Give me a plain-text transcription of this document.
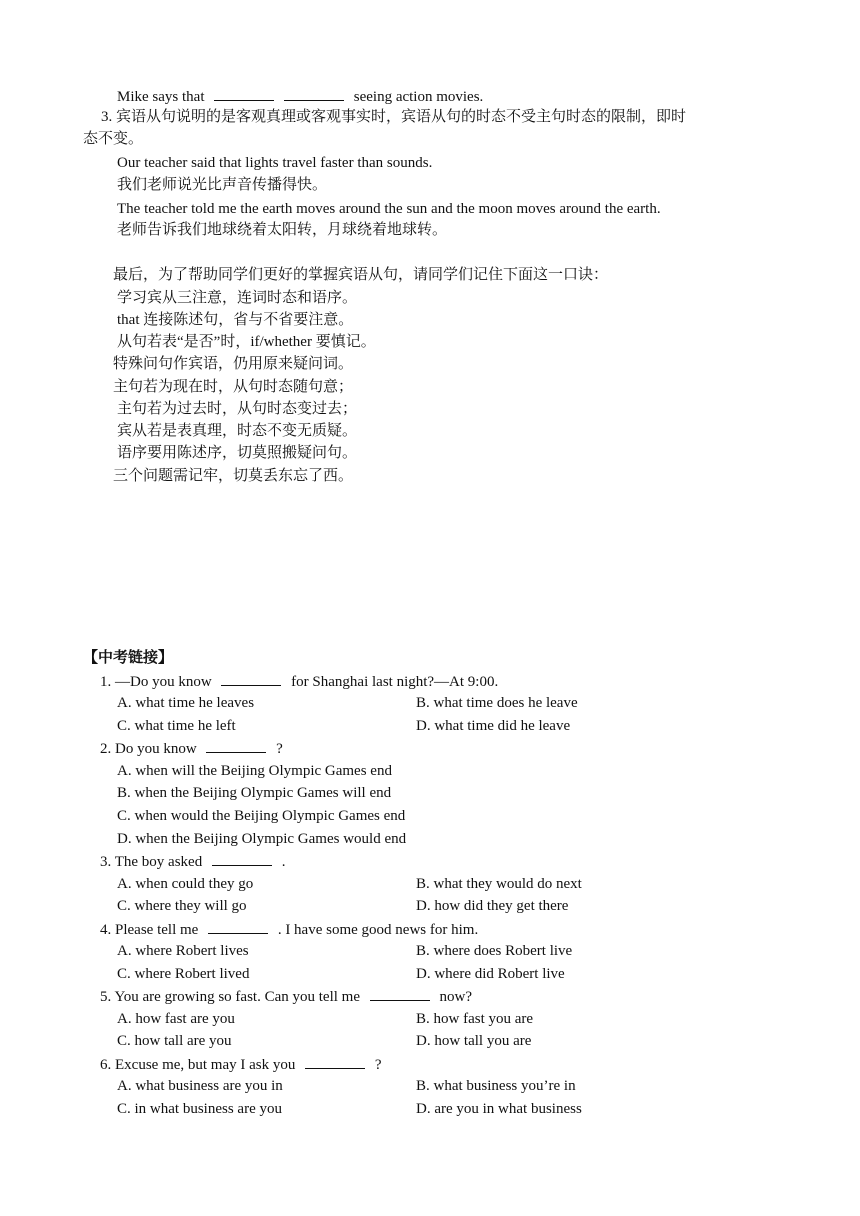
Mike says that	seeing action movies.
3. 宾语从句说明的是客观真理或客观事实时，宾语从句的时态不受主句时态的限制，即时
态不变。
Our teacher said that lights travel faster than sounds.
我们老师说光比声音传播得快。
The teacher told me the earth moves around the sun and the moon moves around the earth.
老师告诉我们地球绕着太阳转，月球绕着地球转。
最后，为了帮助同学们更好的掌握宾语从句，请同学们记住下面这一口诀：
学习宾从三注意，连词时态和语序。
that 连接陈述句，省与不省要注意。
从句若表“是否”时，if/whether 要慎记。
特殊问句作宾语，仍用原来疑问词。
主句若为现在时，从句时态随句意；
主句若为过去时，从句时态变过去；
宾从若是表真理，时态不变无质疑。
语序要用陈述序，切莫照搬疑问句。
三个问题需记牢，切莫丢东忘了西。
【中考链接】
1. —Do you know	for Shanghai last night?—At 9:00.
A. what time he leaves	B. what time does he leave
C. what time he left	D. what time did he leave
2. Do you know	?
A. when will the Beijing Olympic Games end
B. when the Beijing Olympic Games will end
C. when would the Beijing Olympic Games end
D. when the Beijing Olympic Games would end
3. The boy asked	.
A. when could they go	B. what they would do next
C. where they will go	D. how did they get there
4. Please tell me	. I have some good news for him.
A. where Robert lives	B. where does Robert live
C. where Robert lived	D. where did Robert live
5. You are growing so fast. Can you tell me	now?
A. how fast are you	B. how fast you are
C. how tall are you	D. how tall you are
6. Excuse me, but may I ask you	?
A. what business are you in	B. what business you’re in
C. in what business are you	D. are you in what business
